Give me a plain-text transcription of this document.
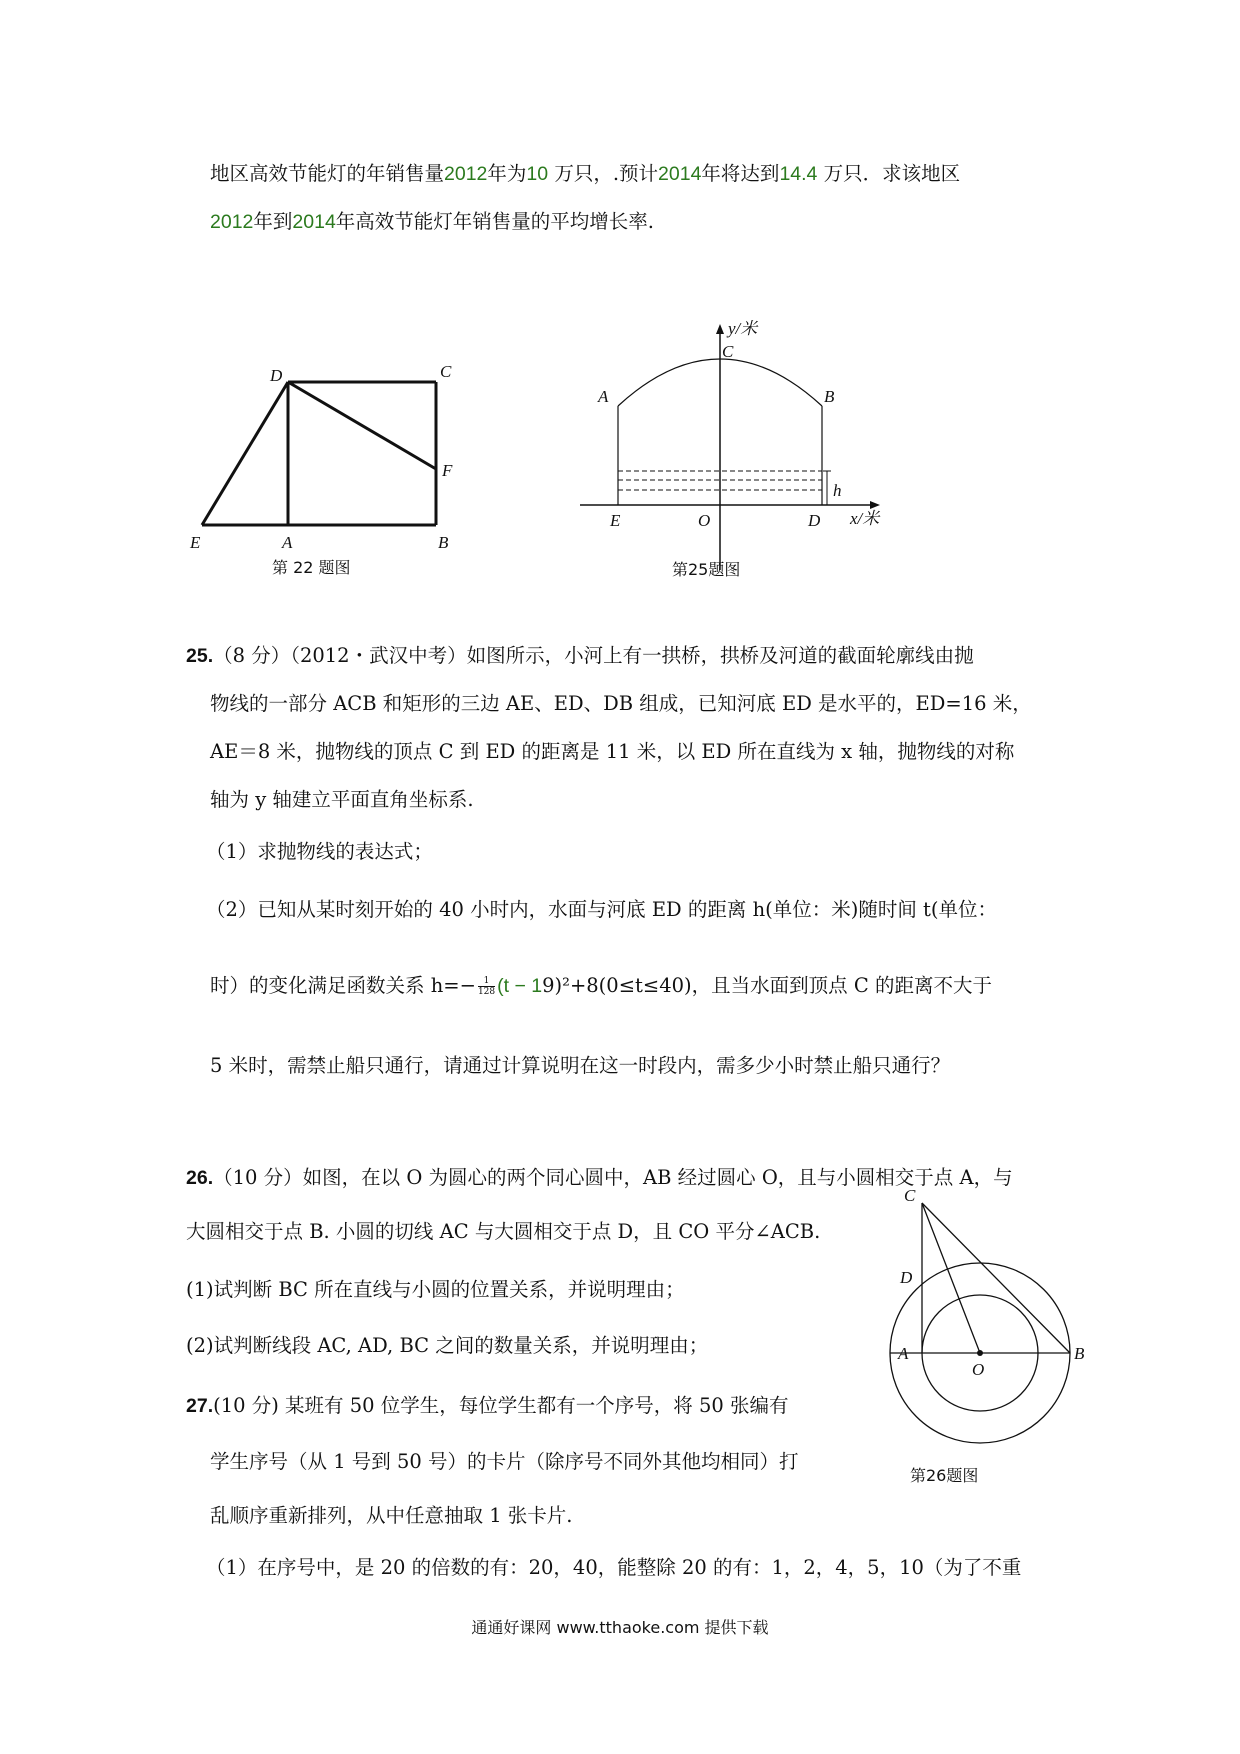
地区高效节能灯的年销售量2012年为10 万只，.预计2014年将达到14.4 万只．求该地区
2012年到2014年高效节能灯年销售量的平均增长率.
D	C
F
E	A	B
第 22 题图
y/米
C
A	B
h
E	O	D x/米
第25题图
25.（8 分）（2012・武汉中考）如图所示，小河上有一拱桥，拱桥及河道的截面轮廓线由抛
物线的一部分 ACB 和矩形的三边 AE、ED、DB 组成，已知河底 ED 是水平的，ED=16 米，
AE＝8 米，抛物线的顶点 C 到 ED 的距离是 11 米，以 ED 所在直线为 x 轴，抛物线的对称
轴为 y 轴建立平面直角坐标系.
（1）求抛物线的表达式；
（2）已知从某时刻开始的 40 小时内，水面与河底 ED 的距离 h(单位：米)随时间 t(单位：
时）的变化满足函数关系 $h=- \frac{1}{128} (t - 19)^2+8(0\le t\le 40)$，且当水面到顶点 C 的距离不大于
5 米时，需禁止船只通行，请通过计算说明在这一时段内，需多少小时禁止船只通行？
26.（10 分）如图，在以 O 为圆心的两个同心圆中，AB 经过圆心 O，且与小圆相交于点 A，与
大圆相交于点 B. 小圆的切线 AC 与大圆相交于点 D，且 CO 平分∠ACB.
(1)试判断 BC 所在直线与小圆的位置关系，并说明理由；
(2)试判断线段 AC, AD, BC 之间的数量关系，并说明理由；
C
D
A
O
B
第26题图
27.(10 分) 某班有 50 位学生，每位学生都有一个序号，将 50 张编有
学生序号（从 1 号到 50 号）的卡片（除序号不同外其他均相同）打
乱顺序重新排列，从中任意抽取 1 张卡片.
（1）在序号中，是 20 的倍数的有：20，40，能整除 20 的有：1，2，4，5，10（为了不重
通通好课网 www.tthaoke.com 提供下载
